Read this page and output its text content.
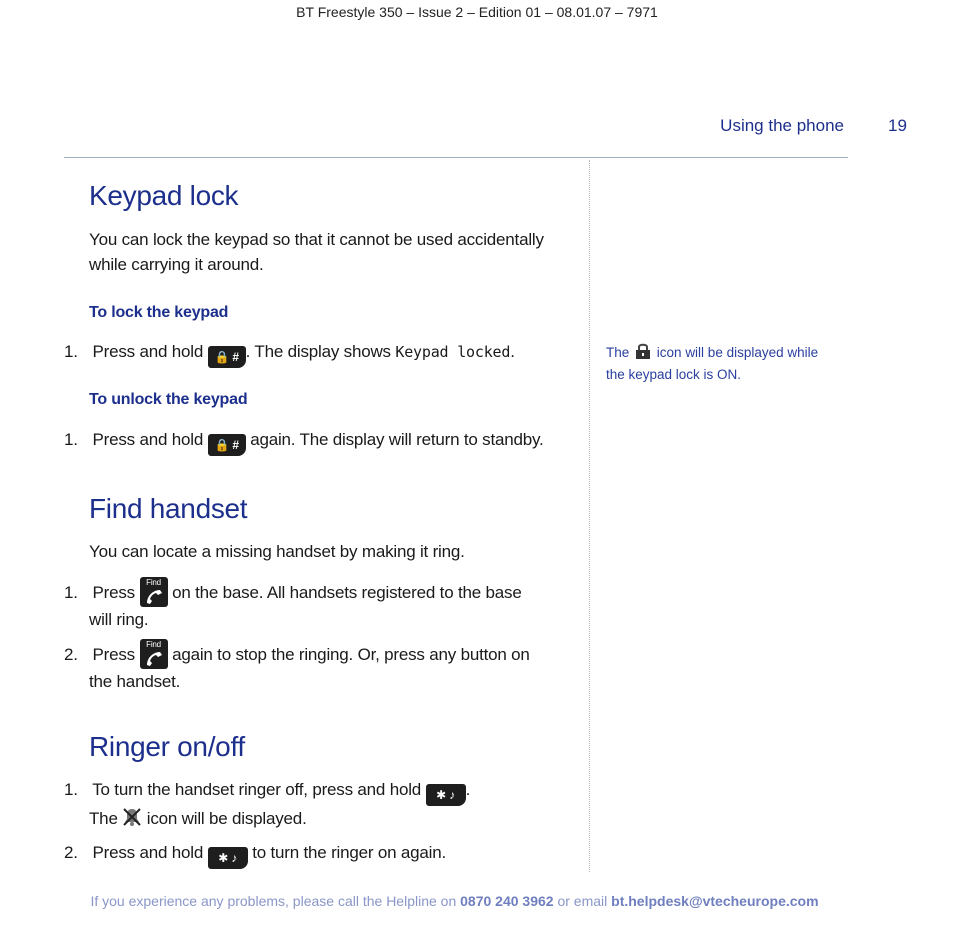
BT Freestyle 350 – Issue 2 – Edition 01 – 08.01.07 – 7971
Using the phone	19
Keypad lock
You can lock the keypad so that it cannot be used accidentally while carrying it around.
To lock the keypad
1. Press and hold 🔒 # . The display shows Keypad locked.
To unlock the keypad
1. Press and hold 🔒 # again. The display will return to standby.
Find handset
You can locate a missing handset by making it ring.
1. Press
Find
on the base. All handsets registered to the base
will ring.
2. Press
Find
again to stop the ringing. Or, press any button on
the handset.
Ringer on/off
1. To turn the handset ringer off, press and hold ✱ ♪ .
The icon will be displayed.
2. Press and hold ✱ ♪ to turn the ringer on again.
The icon will be displayed while the keypad lock is ON.
If you experience any problems, please call the Helpline on 0870 240 3962 or email bt.helpdesk@vtecheurope.com
